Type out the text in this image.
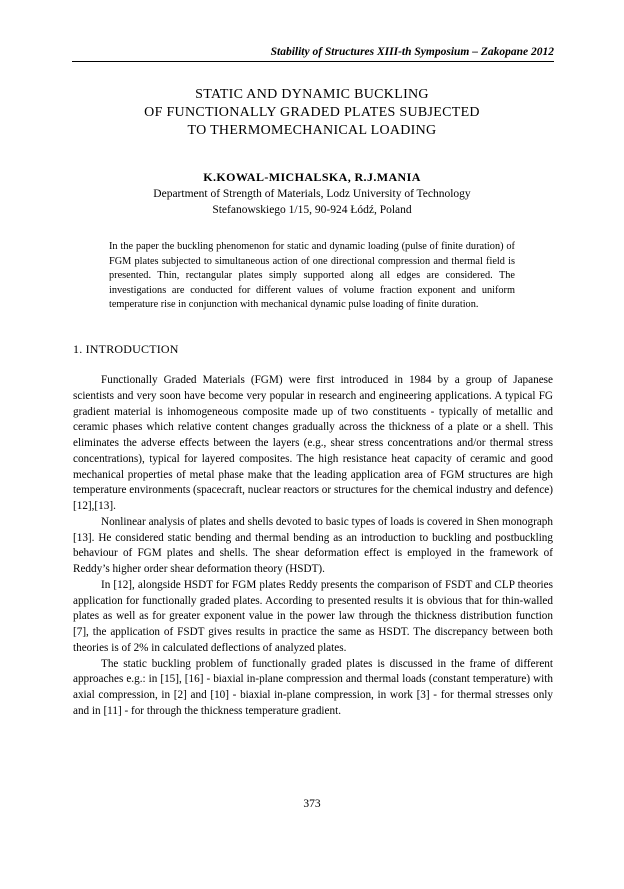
Stability of Structures XIII-th Symposium – Zakopane 2012
STATIC AND DYNAMIC BUCKLING
OF FUNCTIONALLY GRADED PLATES SUBJECTED
TO THERMOMECHANICAL LOADING
K.KOWAL-MICHALSKA, R.J.MANIA
Department of Strength of Materials, Lodz University of Technology
Stefanowskiego 1/15, 90-924 Łódź, Poland
In the paper the buckling phenomenon for static and dynamic loading (pulse of finite duration) of FGM plates subjected to simultaneous action of one directional compression and thermal field is presented. Thin, rectangular plates simply supported along all edges are considered. The investigations are conducted for different values of volume fraction exponent and uniform temperature rise in conjunction with mechanical dynamic pulse loading of finite duration.
1. INTRODUCTION

Functionally Graded Materials (FGM) were first introduced in 1984 by a group of Japanese scientists and very soon have become very popular in research and engineering applications. A typical FG gradient material is inhomogeneous composite made up of two constituents - typically of metallic and ceramic phases which relative content changes gradually across the thickness of a plate or a shell. This eliminates the adverse effects between the layers (e.g., shear stress concentrations and/or thermal stress concentrations), typical for layered composites. The high resistance heat capacity of ceramic and good mechanical properties of metal phase make that the leading application area of FGM structures are high temperature environments (spacecraft, nuclear reactors or structures for the chemical industry and defence) [12],[13].

Nonlinear analysis of plates and shells devoted to basic types of loads is covered in Shen monograph [13]. He considered static bending and thermal bending as an introduction to buckling and postbuckling behaviour of FGM plates and shells. The shear deformation effect is employed in the framework of Reddy’s higher order shear deformation theory (HSDT).

In [12], alongside HSDT for FGM plates Reddy presents the comparison of FSDT and CLP theories application for functionally graded plates. According to presented results it is obvious that for thin-walled plates as well as for greater exponent value in the power law through the thickness distribution function [7], the application of FSDT gives results in practice the same as HSDT. The discrepancy between both theories is of 2% in calculated deflections of analyzed plates.

The static buckling problem of functionally graded plates is discussed in the frame of different approaches e.g.: in [15], [16] - biaxial in-plane compression and thermal loads (constant temperature) with axial compression, in [2] and [10] - biaxial in-plane compression, in work [3] - for thermal stresses only and in [11] - for through the thickness temperature gradient.

373
